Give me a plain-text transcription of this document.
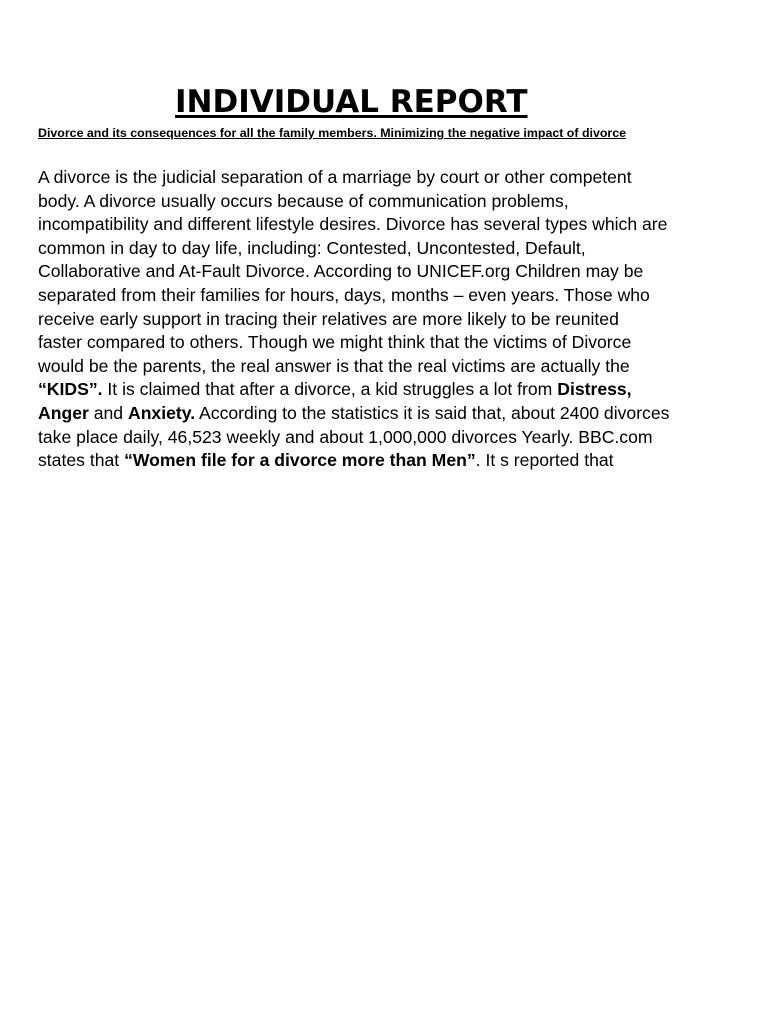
INDIVIDUAL REPORT

Divorce and its consequences for all the family members. Minimizing the negative impact of divorce

A divorce is the judicial separation of a marriage by court or other competent
body. A divorce usually occurs because of communication problems,
incompatibility and different lifestyle desires. Divorce has several types which are
common in day to day life, including: Contested, Uncontested, Default,
Collaborative and At-Fault Divorce. According to UNICEF.org Children may be
separated from their families for hours, days, months – even years. Those who
receive early support in tracing their relatives are more likely to be reunited
faster compared to others. Though we might think that the victims of Divorce
would be the parents, the real answer is that the real victims are actually the
“KIDS”. It is claimed that after a divorce, a kid struggles a lot from Distress,
Anger and Anxiety. According to the statistics it is said that, about 2400 divorces
take place daily, 46,523 weekly and about 1,000,000 divorces Yearly. BBC.com
states that “Women file for a divorce more than Men”. It s reported that
